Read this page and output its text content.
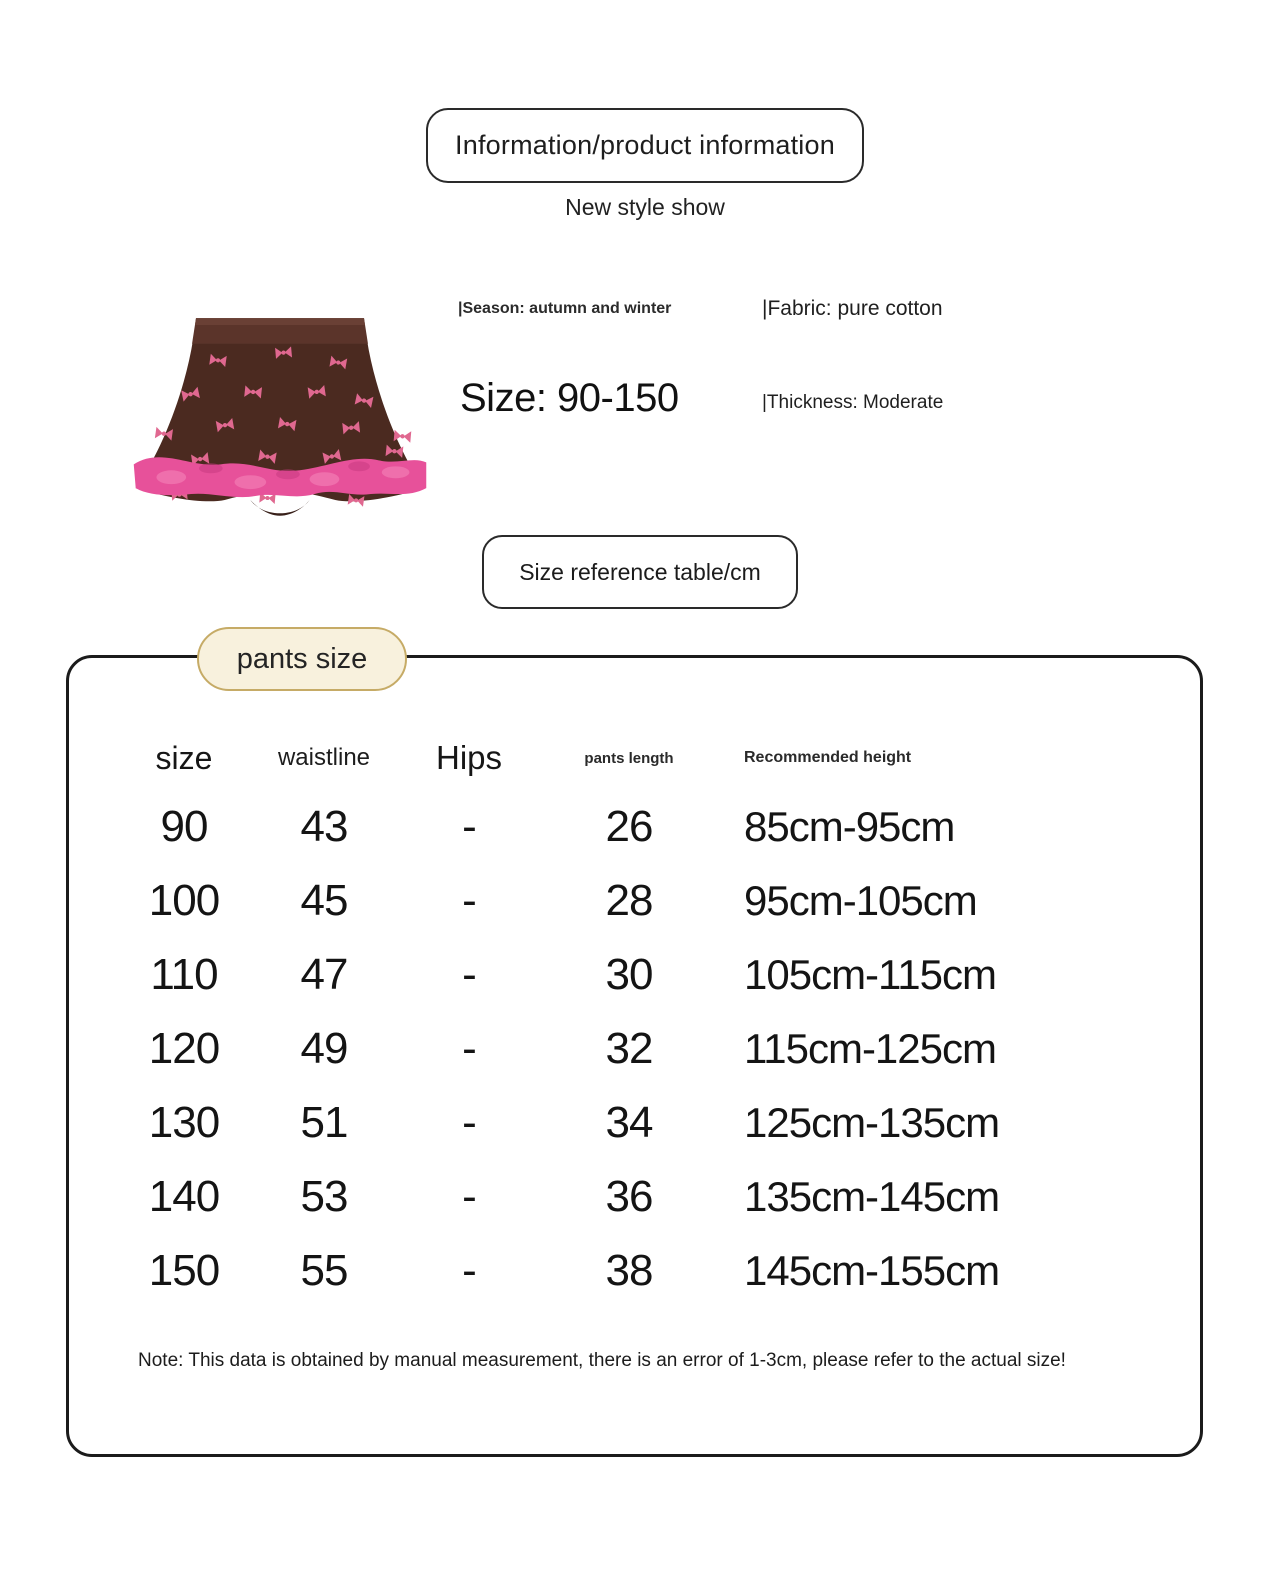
Information/product information
New style show
|Season: autumn and winter	|Fabric: pure cotton
Size: 90-150	|Thickness: Moderate
Size reference table/cm
pants size
size	waistline	Hips	pants length	Recommended height
90	43	-	26	85cm-95cm
100	45	-	28	95cm-105cm
110	47	-	30	105cm-115cm
120	49	-	32	115cm-125cm
130	51	-	34	125cm-135cm
140	53	-	36	135cm-145cm
150	55	-	38	145cm-155cm
Note: This data is obtained by manual measurement, there is an error of 1-3cm, please refer to the actual size!
